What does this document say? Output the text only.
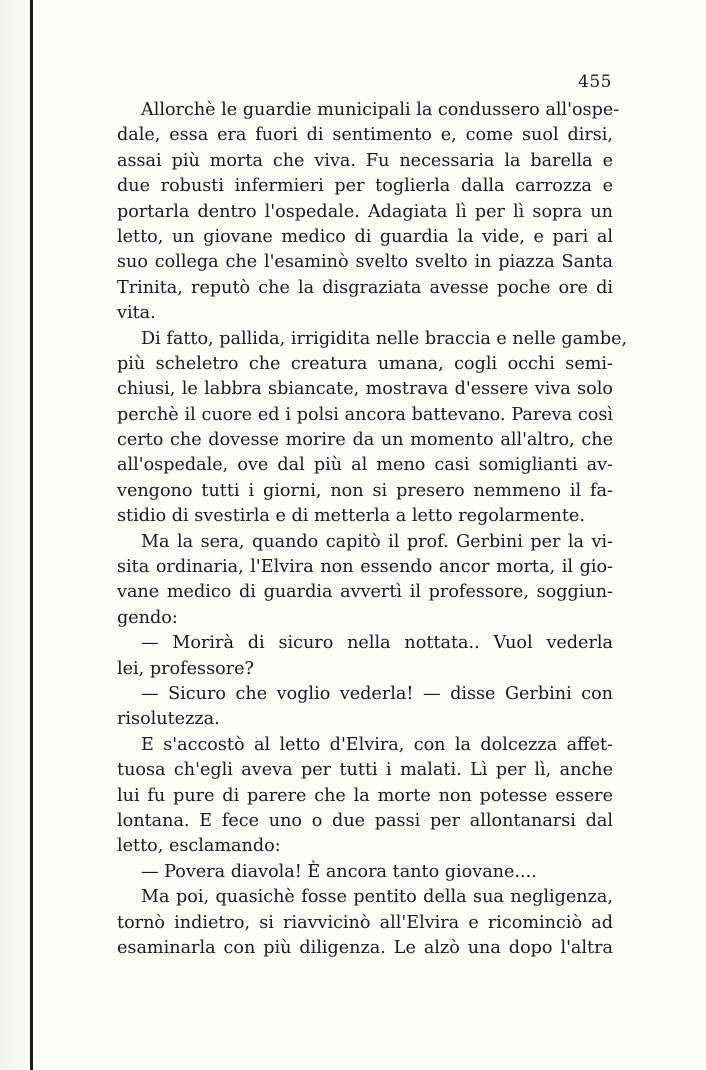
455
Allorchè le guardie municipali la condussero all'ospe-
dale, essa era fuori di sentimento e, come suol dirsi,
assai più morta che viva. Fu necessaria la barella e
due robusti infermieri per toglierla dalla carrozza e
portarla dentro l'ospedale. Adagiata lì per lì sopra un
letto, un giovane medico di guardia la vide, e pari al
suo collega che l'esaminò svelto svelto in piazza Santa
Trinita, reputò che la disgraziata avesse poche ore di
vita.
Di fatto, pallida, irrigidita nelle braccia e nelle gambe,
più scheletro che creatura umana, cogli occhi semi-
chiusi, le labbra sbiancate, mostrava d'essere viva solo
perchè il cuore ed i polsi ancora battevano. Pareva così
certo che dovesse morire da un momento all'altro, che
all'ospedale, ove dal più al meno casi somiglianti av-
vengono tutti i giorni, non si presero nemmeno il fa-
stidio di svestirla e di metterla a letto regolarmente.
Ma la sera, quando capitò il prof. Gerbini per la vi-
sita ordinaria, l'Elvira non essendo ancor morta, il gio-
vane medico di guardia avvertì il professore, soggiun-
gendo:
— Morirà di sicuro nella nottata.. Vuol vederla
lei, professore?
— Sicuro che voglio vederla! — disse Gerbini con
risolutezza.
E s'accostò al letto d'Elvira, con la dolcezza affet-
tuosa ch'egli aveva per tutti i malati. Lì per lì, anche
lui fu pure di parere che la morte non potesse essere
lontana. E fece uno o due passi per allontanarsi dal
letto, esclamando:
— Povera diavola! È ancora tanto giovane....
Ma poi, quasichè fosse pentito della sua negligenza,
tornò indietro, si riavvicinò all'Elvira e ricominciò ad
esaminarla con più diligenza. Le alzò una dopo l'altra
